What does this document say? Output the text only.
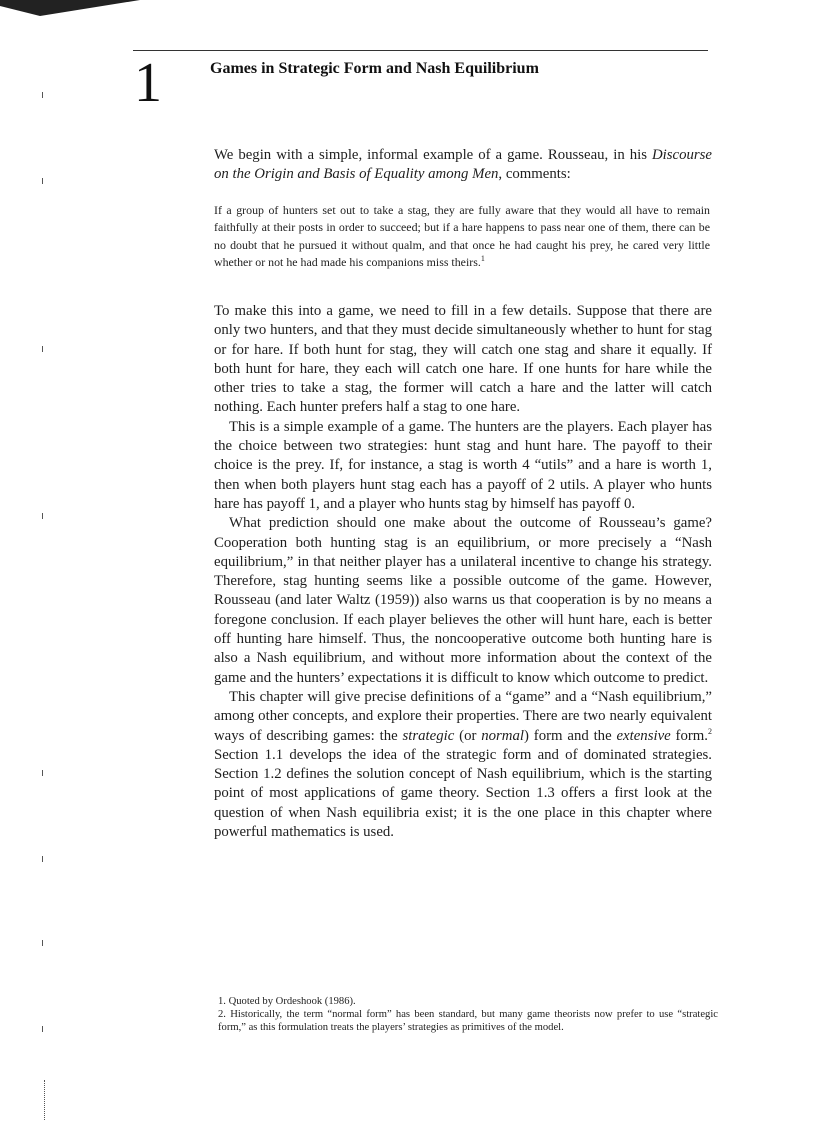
1	Games in Strategic Form and Nash Equilibrium

We begin with a simple, informal example of a game. Rousseau, in his Discourse on the Origin and Basis of Equality among Men, comments:

If a group of hunters set out to take a stag, they are fully aware that they would all have to remain faithfully at their posts in order to succeed; but if a hare happens to pass near one of them, there can be no doubt that he pursued it without qualm, and that once he had caught his prey, he cared very little whether or not he had made his companions miss theirs.$^1$

To make this into a game, we need to fill in a few details. Suppose that there are only two hunters, and that they must decide simultaneously whether to hunt for stag or for hare. If both hunt for stag, they will catch one stag and share it equally. If both hunt for hare, they each will catch one hare. If one hunts for hare while the other tries to take a stag, the former will catch a hare and the latter will catch nothing. Each hunter prefers half a stag to one hare.

This is a simple example of a game. The hunters are the players. Each player has the choice between two strategies: hunt stag and hunt hare. The payoff to their choice is the prey. If, for instance, a stag is worth 4 “utils” and a hare is worth 1, then when both players hunt stag each has a payoff of 2 utils. A player who hunts hare has payoff 1, and a player who hunts stag by himself has payoff 0.

What prediction should one make about the outcome of Rousseau’s game? Cooperation both hunting stag is an equilibrium, or more precisely a “Nash equilibrium,” in that neither player has a unilateral incentive to change his strategy. Therefore, stag hunting seems like a possible outcome of the game. However, Rousseau (and later Waltz (1959)) also warns us that cooperation is by no means a foregone conclusion. If each player believes the other will hunt hare, each is better off hunting hare himself. Thus, the noncooperative outcome both hunting hare is also a Nash equilibrium, and without more information about the context of the game and the hunters’ expectations it is difficult to know which outcome to predict.

This chapter will give precise definitions of a “game” and a “Nash equilibrium,” among other concepts, and explore their properties. There are two nearly equivalent ways of describing games: the strategic (or normal) form and the extensive form.$^2$ Section 1.1 develops the idea of the strategic form and of dominated strategies. Section 1.2 defines the solution concept of Nash equilibrium, which is the starting point of most applications of game theory. Section 1.3 offers a first look at the question of when Nash equilibria exist; it is the one place in this chapter where powerful mathematics is used.

1. Quoted by Ordeshook (1986).

2. Historically, the term “normal form” has been standard, but many game theorists now prefer to use “strategic form,” as this formulation treats the players’ strategies as primitives of the model.
